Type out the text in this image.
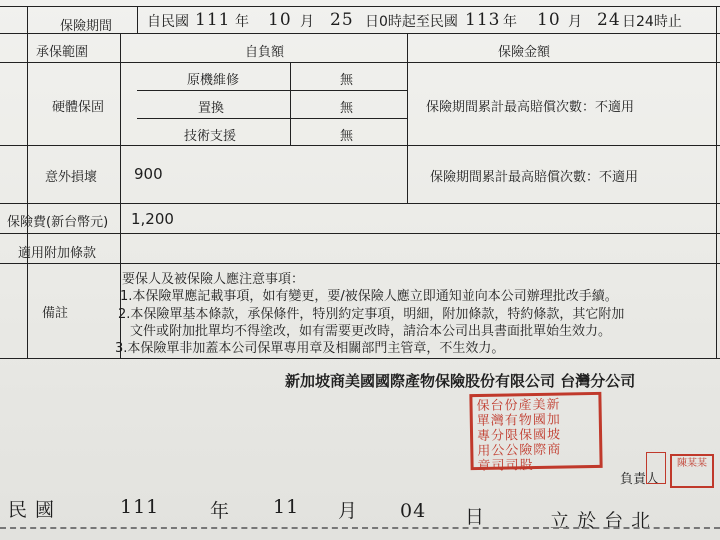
保險期間 自民國 111 年 10 月 25 日0時起至民國 113 年 10 月 24 日24時止
承保範圍	自負額	保險金額
硬體保固
原機維修	無
置換	無
技術支援	無
保險期間累計最高賠償次數：不適用
意外損壞 900	保險期間累計最高賠償次數：不適用
保險費(新台幣元) 1,200
適用附加條款
備註
要保人及被保險人應注意事項：
1.本保險單應記載事項，如有變更，要/被保險人應立即通知並向本公司辦理批改手續。
2.本保險單基本條款，承保條件，特別約定事項，明細，附加條款，特約條款，其它附加
文件或附加批單均不得塗改，如有需要更改時，請洽本公司出具書面批單始生效力。
3.本保險單非加蓋本公司保單專用章及相關部門主管章，不生效力。
新加坡商美國國際產物保險股份有限公司 台灣分公司
保台份產美新
單灣有物國加
專分限保國坡
用公公險際商
章司司股
負責人
陳某某
民 國	111	年 11 月 04 日	立 於 台 北
